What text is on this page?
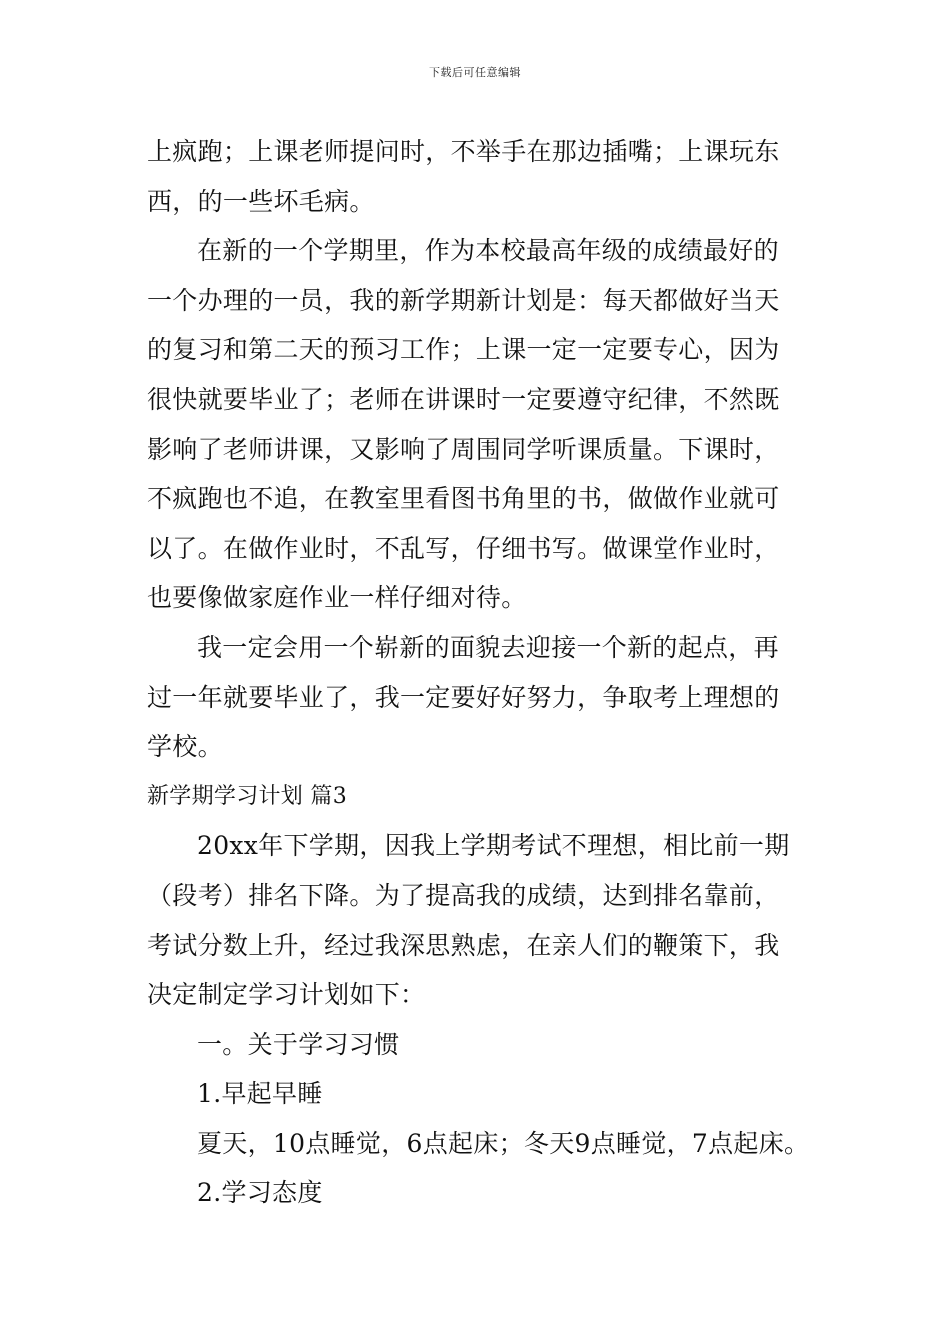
下载后可任意编辑
上疯跑；上课老师提问时，不举手在那边插嘴；上课玩东
西，的一些坏毛病。
在新的一个学期里，作为本校最高年级的成绩最好的
一个办理的一员，我的新学期新计划是：每天都做好当天
的复习和第二天的预习工作；上课一定一定要专心，因为
很快就要毕业了；老师在讲课时一定要遵守纪律，不然既
影响了老师讲课，又影响了周围同学听课质量。下课时，
不疯跑也不追，在教室里看图书角里的书，做做作业就可
以了。在做作业时，不乱写，仔细书写。做课堂作业时，
也要像做家庭作业一样仔细对待。
我一定会用一个崭新的面貌去迎接一个新的起点，再
过一年就要毕业了，我一定要好好努力，争取考上理想的
学校。
新学期学习计划 篇3
20xx年下学期，因我上学期考试不理想，相比前一期
（段考）排名下降。为了提高我的成绩，达到排名靠前，
考试分数上升，经过我深思熟虑，在亲人们的鞭策下，我
决定制定学习计划如下：
一。关于学习习惯
1.早起早睡
夏天，10点睡觉，6点起床；冬天9点睡觉，7点起床。
2.学习态度
